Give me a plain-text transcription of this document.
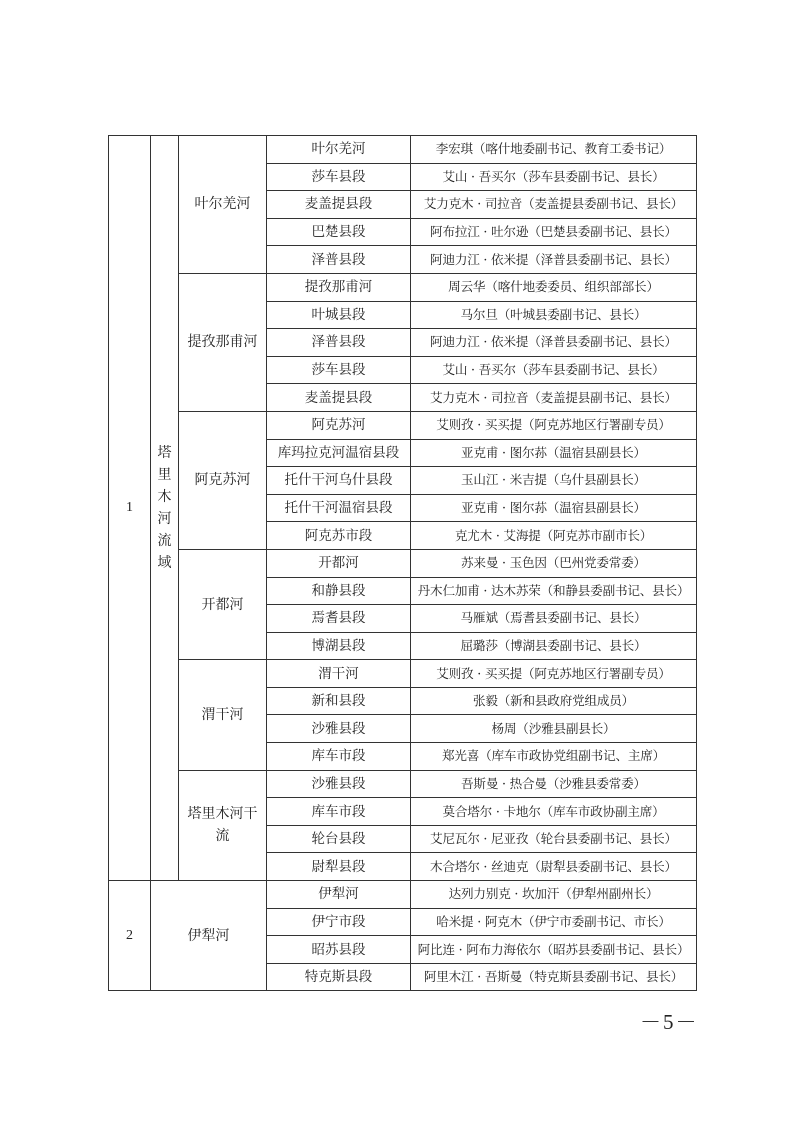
1	塔里木河流域	叶尔羌河	叶尔羌河	李宏琪（喀什地委副书记、教育工委书记）
			莎车县段	艾山 · 吾买尔（莎车县委副书记、县长）
			麦盖提县段	艾力克木 · 司拉音（麦盖提县委副书记、县长）
			巴楚县段	阿布拉江 · 吐尔逊（巴楚县委副书记、县长）
			泽普县段	阿迪力江 · 依米提（泽普县委副书记、县长）
		提孜那甫河	提孜那甫河	周云华（喀什地委委员、组织部部长）
			叶城县段	马尔旦（叶城县委副书记、县长）
			泽普县段	阿迪力江 · 依米提（泽普县委副书记、县长）
			莎车县段	艾山 · 吾买尔（莎车县委副书记、县长）
			麦盖提县段	艾力克木 · 司拉音（麦盖提县副书记、县长）
		阿克苏河	阿克苏河	艾则孜 · 买买提（阿克苏地区行署副专员）
			库玛拉克河温宿县段	亚克甫 · 图尔荪（温宿县副县长）
			托什干河乌什县段	玉山江 · 米吉提（乌什县副县长）
			托什干河温宿县段	亚克甫 · 图尔荪（温宿县副县长）
			阿克苏市段	克尤木 · 艾海提（阿克苏市副市长）
		开都河	开都河	苏来曼 · 玉色因（巴州党委常委）
			和静县段	丹木仁加甫 · 达木苏荣（和静县委副书记、县长）
			焉耆县段	马雁斌（焉耆县委副书记、县长）
			博湖县段	屈璐莎（博湖县委副书记、县长）
		渭干河	渭干河	艾则孜 · 买买提（阿克苏地区行署副专员）
			新和县段	张毅（新和县政府党组成员）
			沙雅县段	杨周（沙雅县副县长）
			库车市段	郑光喜（库车市政协党组副书记、主席）
		塔里木河干流	沙雅县段	吾斯曼 · 热合曼（沙雅县委常委）
			库车市段	莫合塔尔 · 卡地尔（库车市政协副主席）
			轮台县段	艾尼瓦尔 · 尼亚孜（轮台县委副书记、县长）
			尉犁县段	木合塔尔 · 丝迪克（尉犁县委副书记、县长）
2	伊犁河		伊犁河	达列力别克 · 坎加汗（伊犁州副州长）
			伊宁市段	哈米提 · 阿克木（伊宁市委副书记、市长）
			昭苏县段	阿比连 · 阿布力海依尔（昭苏县委副书记、县长）
			特克斯县段	阿里木江 · 吾斯曼（特克斯县委副书记、县长）
－5－
